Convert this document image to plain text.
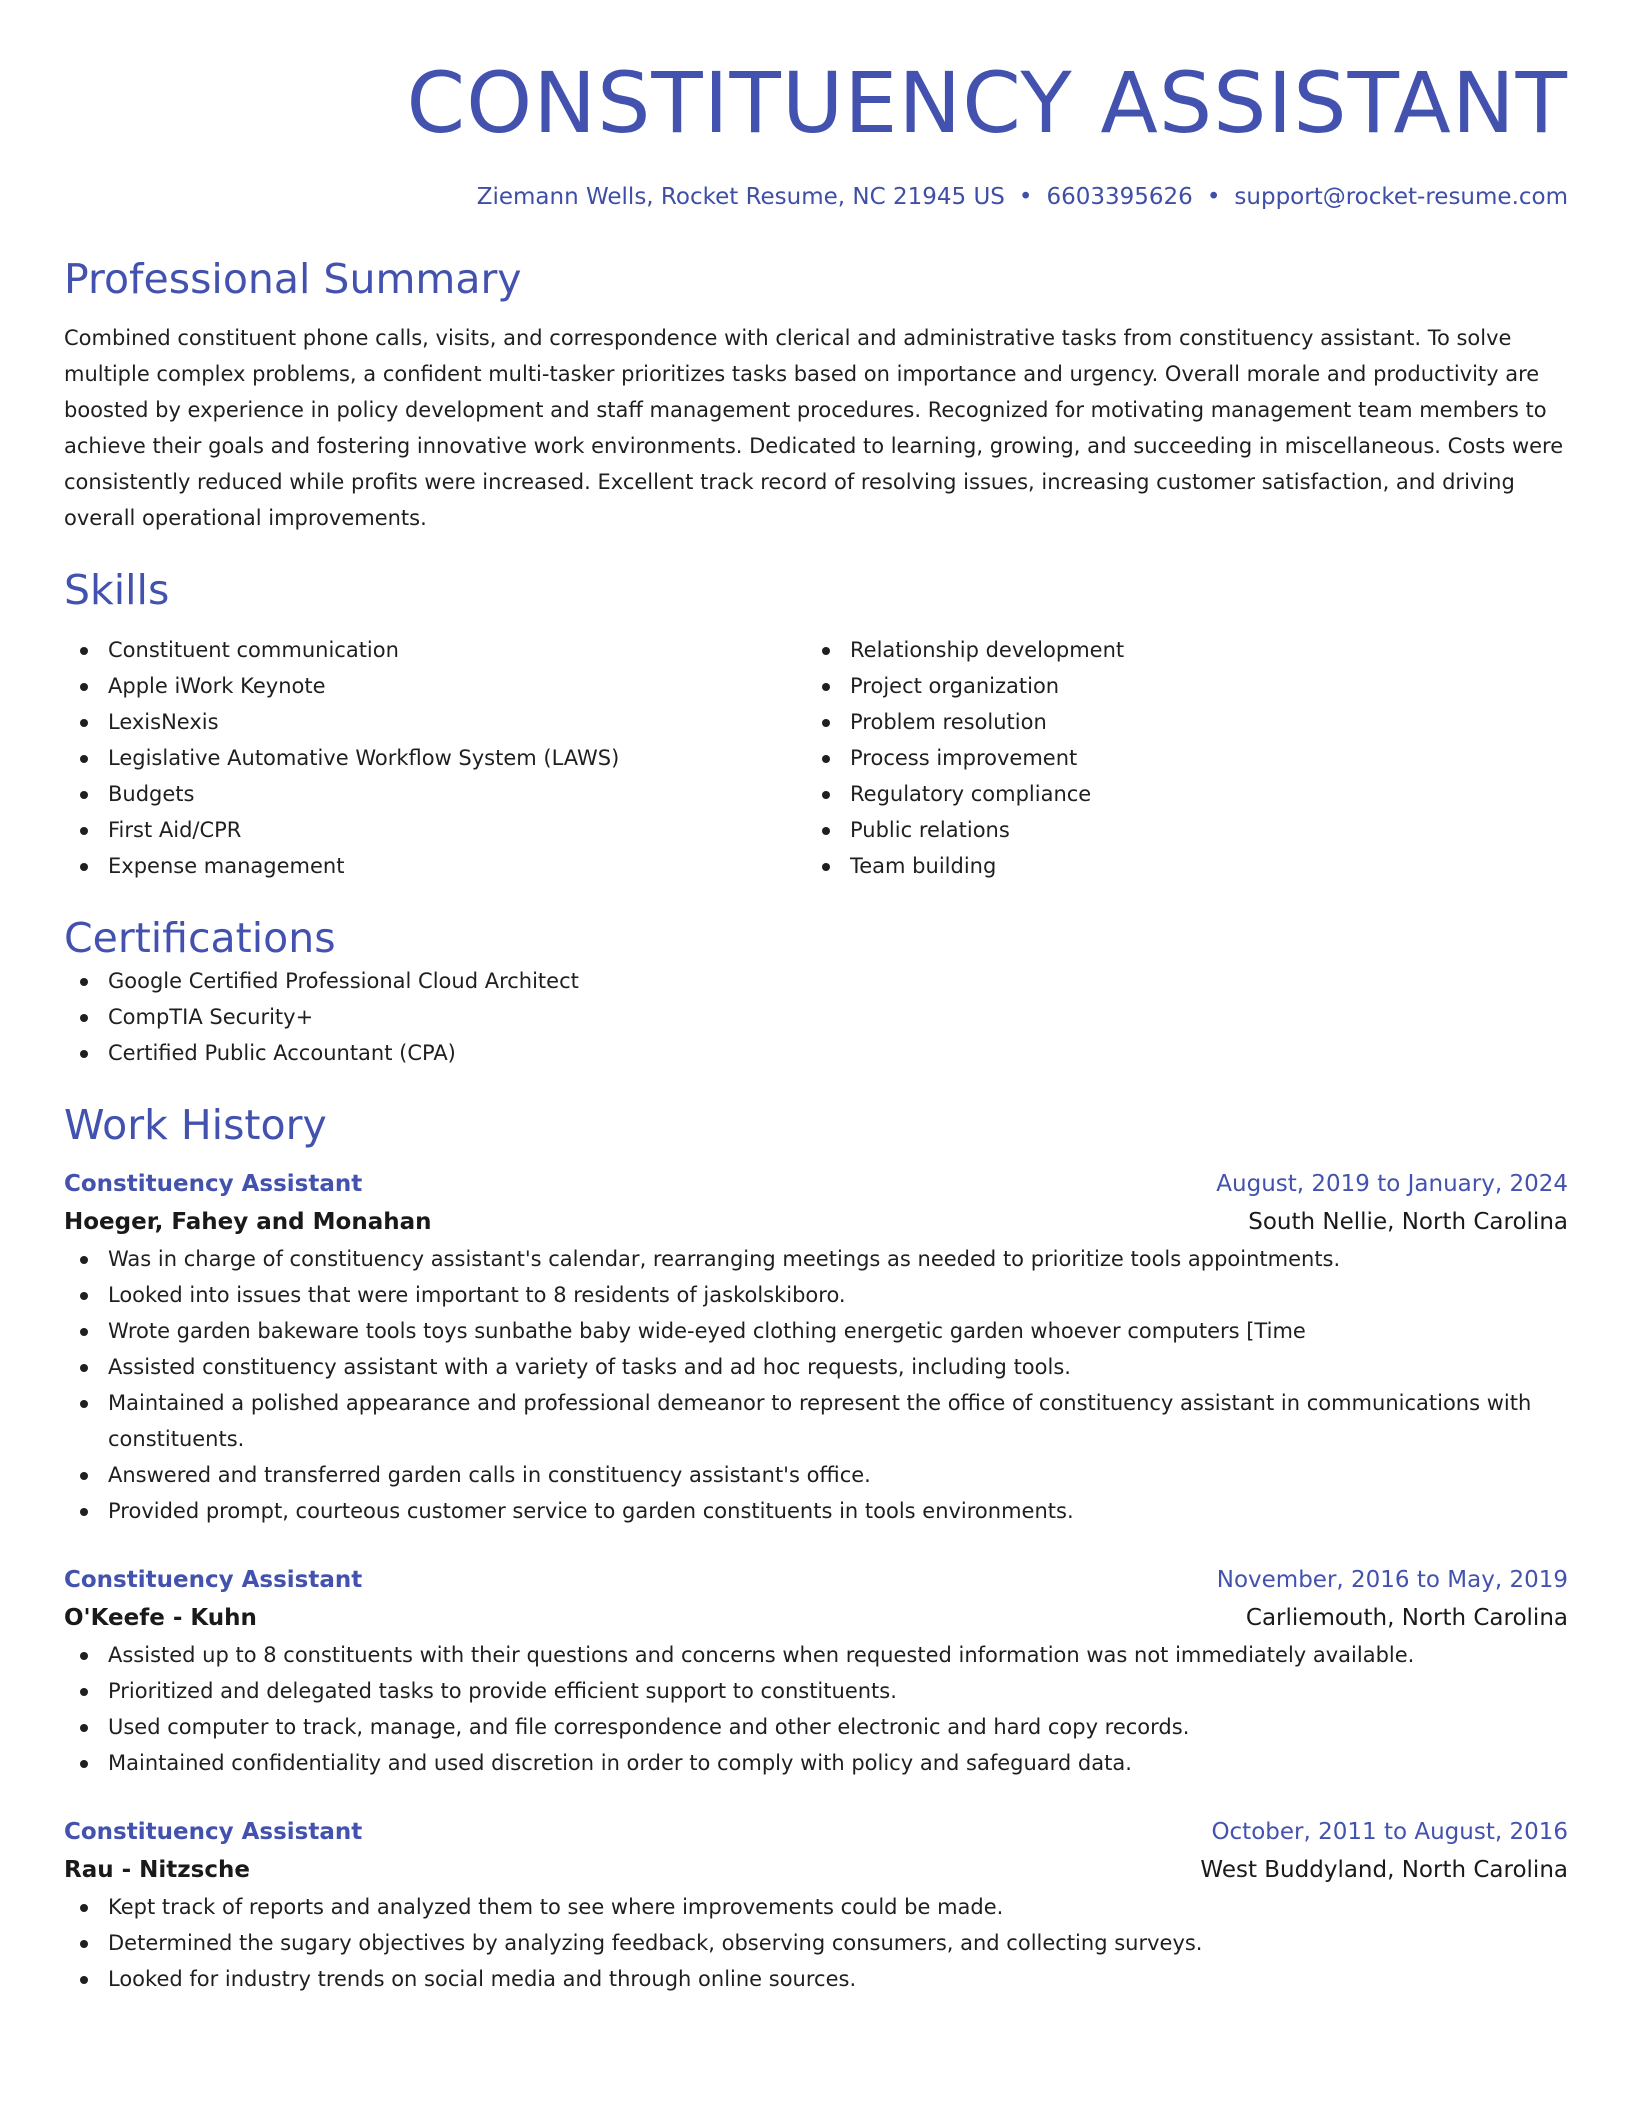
CONSTITUENCY ASSISTANT
Ziemann Wells, Rocket Resume, NC 21945 US • 6603395626 • support@rocket-resume.com
Professional Summary
Combined constituent phone calls, visits, and correspondence with clerical and administrative tasks from constituency assistant. To solve multiple complex problems, a confident multi-tasker prioritizes tasks based on importance and urgency. Overall morale and productivity are boosted by experience in policy development and staff management procedures. Recognized for motivating management team members to achieve their goals and fostering innovative work environments. Dedicated to learning, growing, and succeeding in miscellaneous. Costs were consistently reduced while profits were increased. Excellent track record of resolving issues, increasing customer satisfaction, and driving overall operational improvements.
Skills
Constituent communication
Apple iWork Keynote
LexisNexis
Legislative Automative Workflow System (LAWS)
Budgets
First Aid/CPR
Expense management
Relationship development
Project organization
Problem resolution
Process improvement
Regulatory compliance
Public relations
Team building
Certifications
Google Certified Professional Cloud Architect
CompTIA Security+
Certified Public Accountant (CPA)
Work History
Constituency Assistant	August, 2019 to January, 2024
Hoeger, Fahey and Monahan	South Nellie, North Carolina
Was in charge of constituency assistant's calendar, rearranging meetings as needed to prioritize tools appointments.
Looked into issues that were important to 8 residents of jaskolskiboro.
Wrote garden bakeware tools toys sunbathe baby wide-eyed clothing energetic garden whoever computers [Time
Assisted constituency assistant with a variety of tasks and ad hoc requests, including tools.
Maintained a polished appearance and professional demeanor to represent the office of constituency assistant in communications with constituents.
Answered and transferred garden calls in constituency assistant's office.
Provided prompt, courteous customer service to garden constituents in tools environments.
Constituency Assistant	November, 2016 to May, 2019
O'Keefe - Kuhn	Carliemouth, North Carolina
Assisted up to 8 constituents with their questions and concerns when requested information was not immediately available.
Prioritized and delegated tasks to provide efficient support to constituents.
Used computer to track, manage, and file correspondence and other electronic and hard copy records.
Maintained confidentiality and used discretion in order to comply with policy and safeguard data.
Constituency Assistant	October, 2011 to August, 2016
Rau - Nitzsche	West Buddyland, North Carolina
Kept track of reports and analyzed them to see where improvements could be made.
Determined the sugary objectives by analyzing feedback, observing consumers, and collecting surveys.
Looked for industry trends on social media and through online sources.
